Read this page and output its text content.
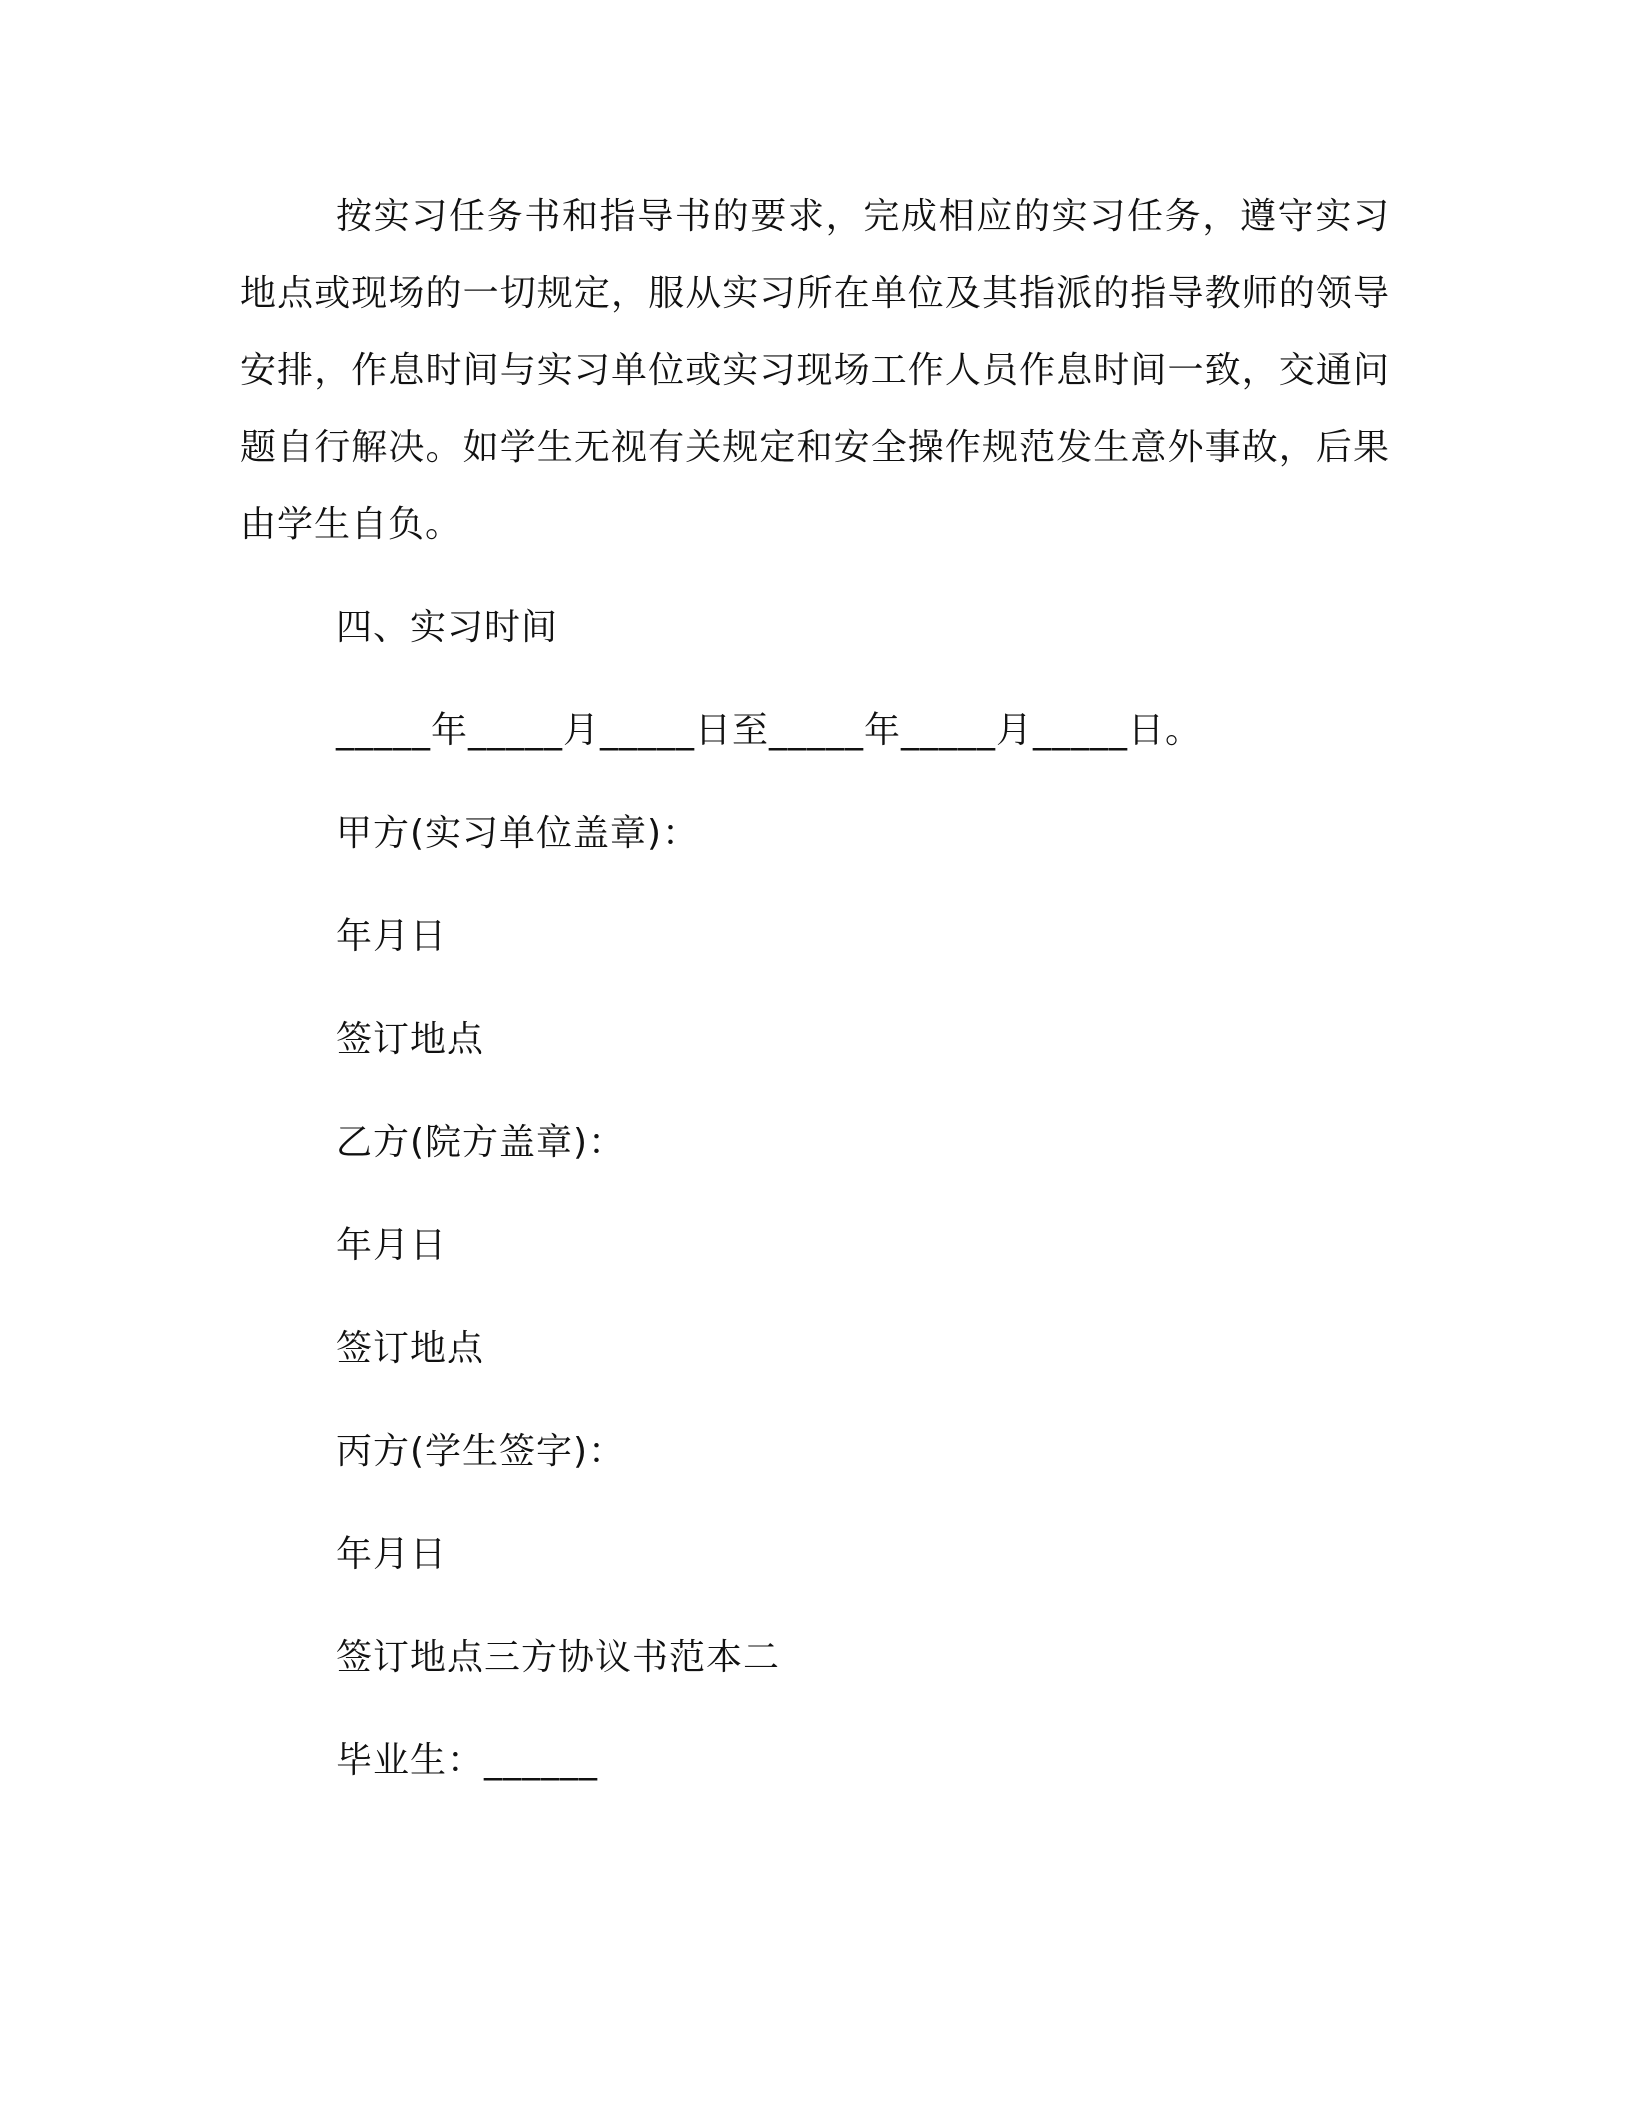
按实习任务书和指导书的要求，完成相应的实习任务，遵守实习地点或现场的一切规定，服从实习所在单位及其指派的指导教师的领导安排，作息时间与实习单位或实习现场工作人员作息时间一致，交通问题自行解决。如学生无视有关规定和安全操作规范发生意外事故，后果由学生自负。

四、实习时间

_____年_____月_____日至_____年_____月_____日。

甲方(实习单位盖章)：

年月日

签订地点

乙方(院方盖章)：

年月日

签订地点

丙方(学生签字)：

年月日

签订地点三方协议书范本二

毕业生：______
